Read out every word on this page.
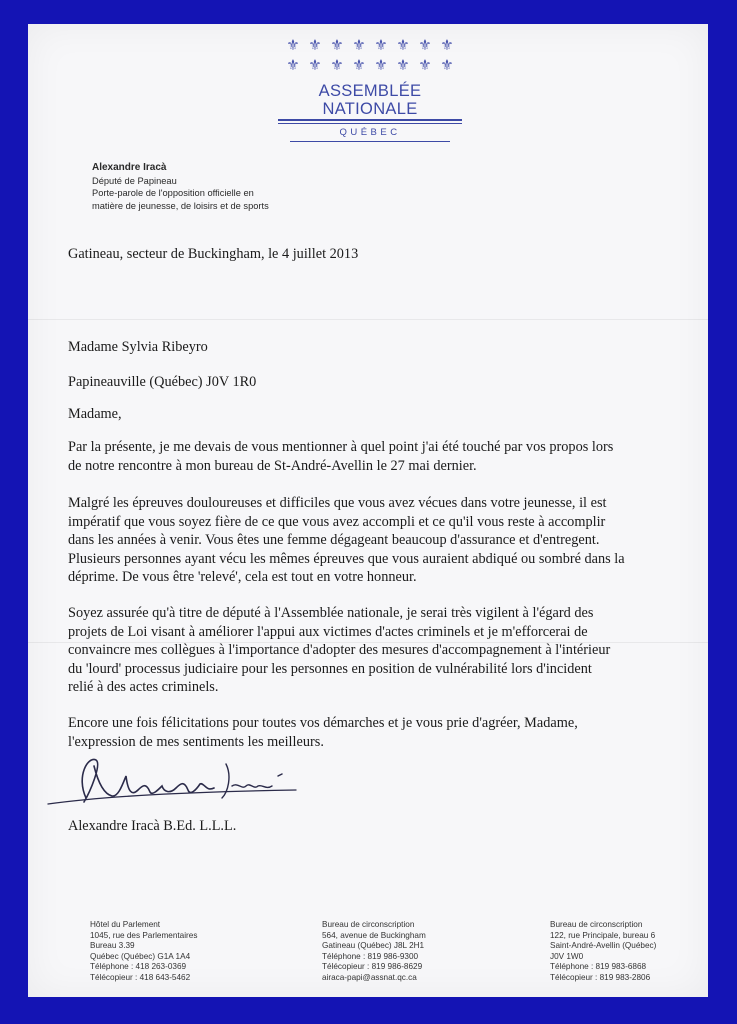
⚜ ⚜ ⚜ ⚜ ⚜ ⚜ ⚜ ⚜
⚜ ⚜ ⚜ ⚜ ⚜ ⚜ ⚜ ⚜
ASSEMBLÉE NATIONALE
QUÉBEC
Alexandre Iracà
Député de Papineau
Porte-parole de l'opposition officielle en
matière de jeunesse, de loisirs et de sports
Gatineau, secteur de Buckingham, le 4 juillet 2013
Madame Sylvia Ribeyro
Papineauville (Québec) J0V 1R0
Madame,
Par la présente, je me devais de vous mentionner à quel point j'ai été touché par vos propos lors
de notre rencontre à mon bureau de St-André-Avellin le 27 mai dernier.
Malgré les épreuves douloureuses et difficiles que vous avez vécues dans votre jeunesse, il est
impératif que vous soyez fière de ce que vous avez accompli et ce qu'il vous reste à accomplir
dans les années à venir. Vous êtes une femme dégageant beaucoup d'assurance et d'entregent.
Plusieurs personnes ayant vécu les mêmes épreuves que vous auraient abdiqué ou sombré dans la
déprime. De vous être 'relevé', cela est tout en votre honneur.
Soyez assurée qu'à titre de député à l'Assemblée nationale, je serai très vigilent à l'égard des
projets de Loi visant à améliorer l'appui aux victimes d'actes criminels et je m'efforcerai de
convaincre mes collègues à l'importance d'adopter des mesures d'accompagnement à l'intérieur
du 'lourd' processus judiciaire pour les personnes en position de vulnérabilité lors d'incident
relié à des actes criminels.
Encore une fois félicitations pour toutes vos démarches et je vous prie d'agréer, Madame,
l'expression de mes sentiments les meilleurs.
Alexandre Iracà B.Ed. L.L.L.
Hôtel du Parlement
1045, rue des Parlementaires
Bureau 3.39
Québec (Québec) G1A 1A4
Téléphone : 418 263-0369
Télécopieur : 418 643-5462
Bureau de circonscription
564, avenue de Buckingham
Gatineau (Québec) J8L 2H1
Téléphone : 819 986-9300
Télécopieur : 819 986-8629
airaca-papi@assnat.qc.ca
Bureau de circonscription
122, rue Principale, bureau 6
Saint-André-Avellin (Québec)
J0V 1W0
Téléphone : 819 983-6868
Télécopieur : 819 983-2806
